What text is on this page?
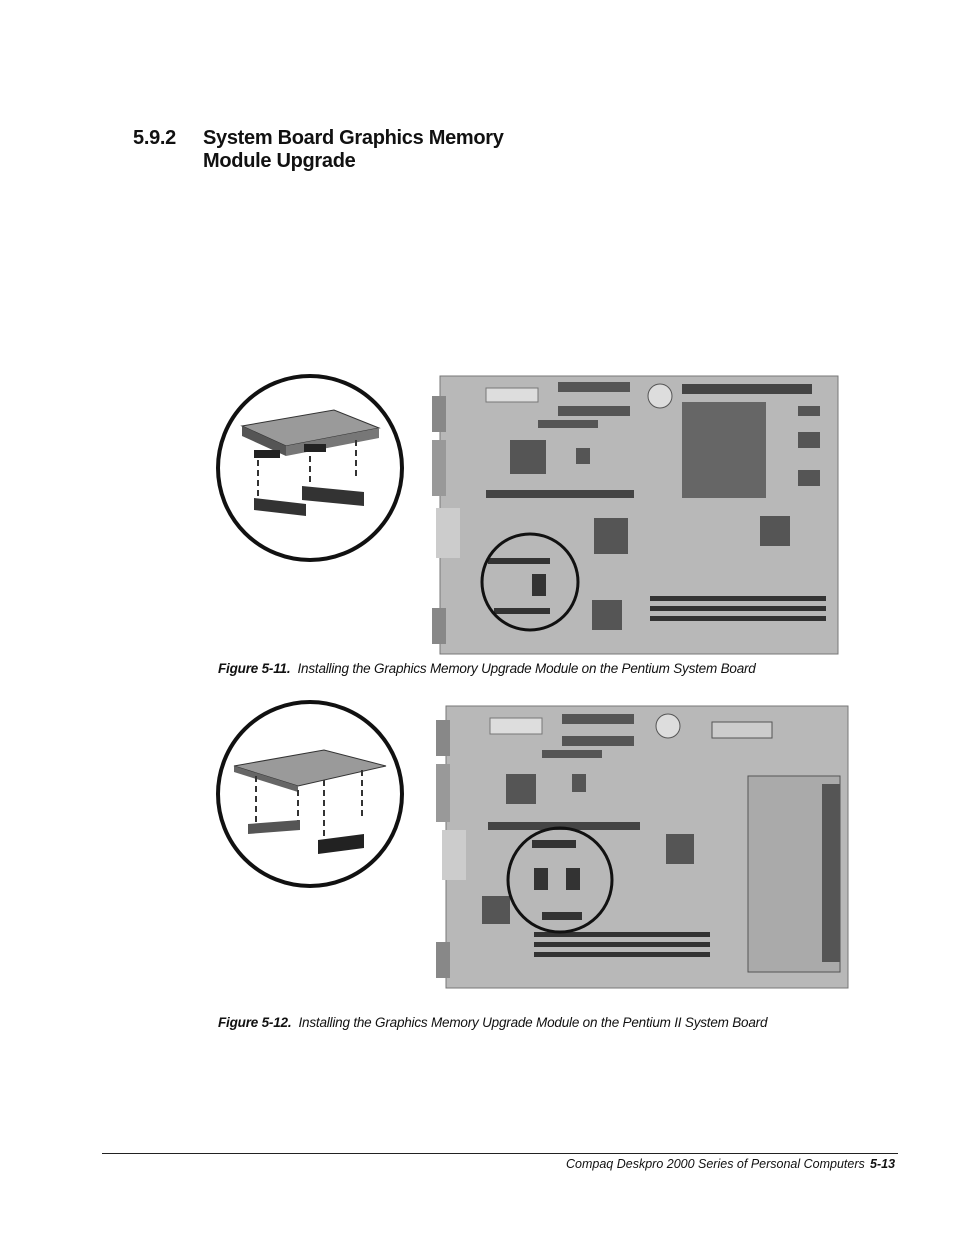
5.9.2 System Board Graphics Memory
Module Upgrade
Figure 5-11. Installing the Graphics Memory Upgrade Module on the Pentium System Board
Figure 5-12. Installing the Graphics Memory Upgrade Module on the Pentium II System Board
Compaq Deskpro 2000 Series of Personal Computers 5-13
